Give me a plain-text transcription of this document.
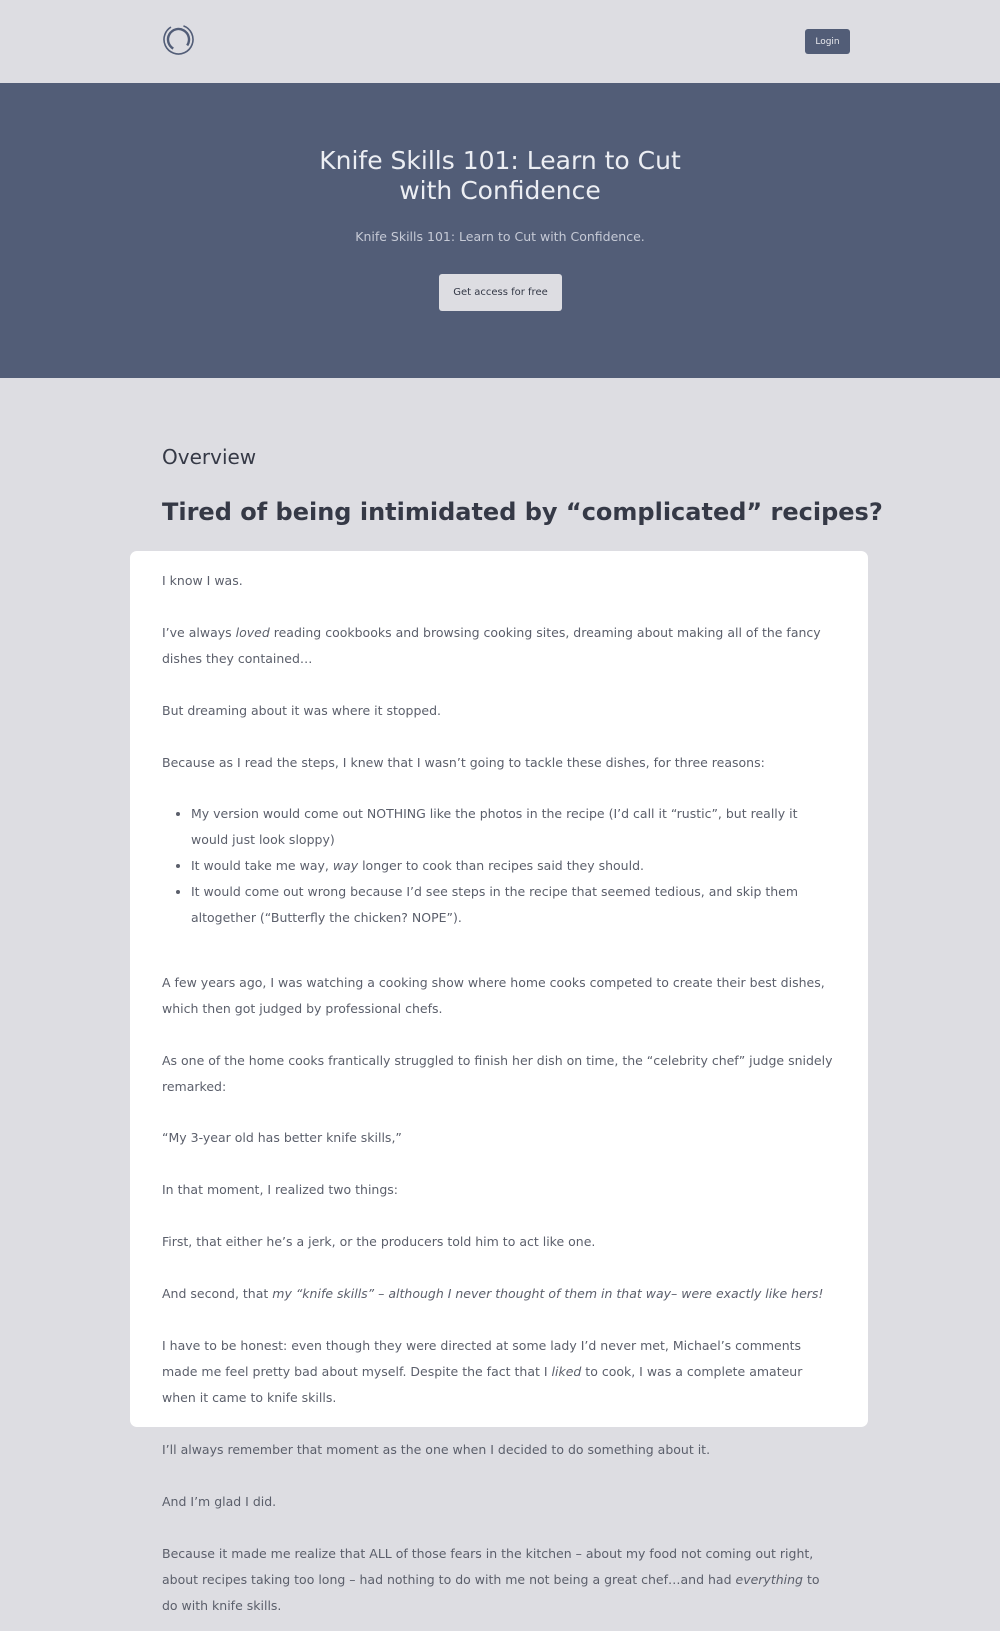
Login
Knife Skills 101: Learn to Cut with Confidence

Knife Skills 101: Learn to Cut with Confidence.

Get access for free
Overview
Tired of being intimidated by “complicated” recipes?

I know I was.

I’ve always loved reading cookbooks and browsing cooking sites, dreaming about making all of the fancy dishes they contained…

But dreaming about it was where it stopped.

Because as I read the steps, I knew that I wasn’t going to tackle these dishes, for three reasons:

• My version would come out NOTHING like the photos in the recipe (I’d call it “rustic”, but really it would just look sloppy)
• It would take me way, way longer to cook than recipes said they should.
• It would come out wrong because I’d see steps in the recipe that seemed tedious, and skip them altogether (“Butterfly the chicken? NOPE”).

A few years ago, I was watching a cooking show where home cooks competed to create their best dishes, which then got judged by professional chefs.

As one of the home cooks frantically struggled to finish her dish on time, the “celebrity chef” judge snidely remarked:

“My 3-year old has better knife skills,”

In that moment, I realized two things:

First, that either he’s a jerk, or the producers told him to act like one.

And second, that my “knife skills” – although I never thought of them in that way– were exactly like hers!

I have to be honest: even though they were directed at some lady I’d never met, Michael’s comments made me feel pretty bad about myself. Despite the fact that I liked to cook, I was a complete amateur when it came to knife skills.

I’ll always remember that moment as the one when I decided to do something about it.

And I’m glad I did.

Because it made me realize that ALL of those fears in the kitchen – about my food not coming out right, about recipes taking too long – had nothing to do with me not being a great chef…and had everything to do with knife skills.
